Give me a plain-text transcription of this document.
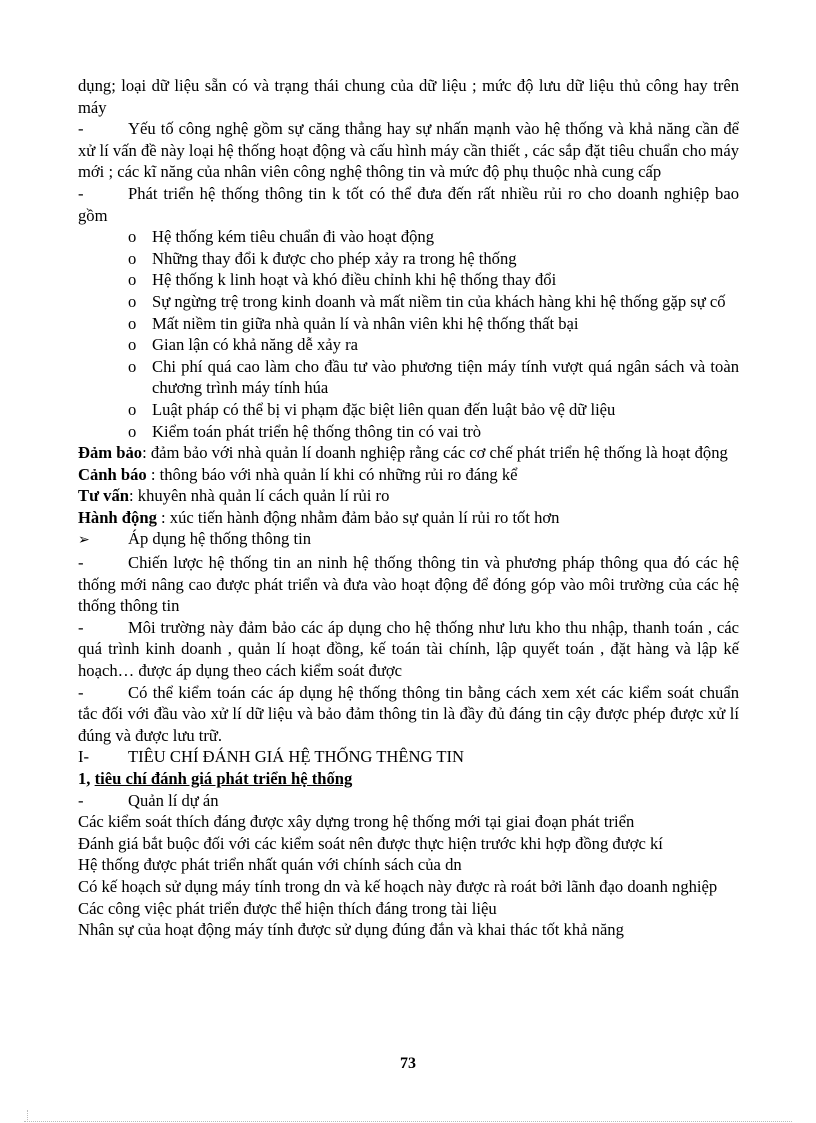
dụng; loại dữ liệu sẵn có và trạng thái chung của dữ liệu ; mức độ lưu dữ liệu thủ công hay trên máy

-	Yếu tố công nghệ gồm sự căng thẳng hay sự nhấn mạnh vào hệ thống và khả năng cần để xử lí vấn đề này loại hệ thống hoạt động và cấu hình máy cần thiết , các sắp đặt tiêu chuẩn cho máy mới ; các kĩ năng của nhân viên công nghệ thông tin và mức độ phụ thuộc nhà cung cấp

-	Phát triển hệ thống thông tin k tốt có thể đưa đến rất nhiều rủi ro cho doanh nghiệp bao gồm

o Hệ thống kém tiêu chuẩn đi vào hoạt động
o Những thay đổi k được cho phép xảy ra trong hệ thống
o Hệ thống k linh hoạt và khó điều chỉnh khi hệ thống thay đổi
o Sự ngừng trệ trong kinh doanh và mất niềm tin của khách hàng khi hệ thống gặp sự cố
o Mất niềm tin giữa nhà quản lí và nhân viên khi hệ thống thất bại
o Gian lận có khả năng dễ xảy ra
o Chi phí quá cao làm cho đầu tư vào phương tiện máy tính vượt quá ngân sách và toàn chương trình máy tính húa
o Luật pháp có thể bị vi phạm đặc biệt liên quan đến luật bảo vệ dữ liệu
o Kiểm toán phát triển hệ thống thông tin có vai trò

Đảm bảo: đảm bảo với nhà quản lí doanh nghiệp rằng các cơ chế phát triển hệ thống là hoạt động

Cảnh báo : thông báo với nhà quản lí khi có những rủi ro đáng kể

Tư vấn: khuyên nhà quản lí cách quản lí rủi ro

Hành động : xúc tiến hành động nhằm đảm bảo sự quản lí rủi ro tốt hơn

➢ Áp dụng hệ thống thông tin

-	Chiến lược hệ thống tin an ninh hệ thống thông tin và phương pháp thông qua đó các hệ thống mới nâng cao được phát triển và đưa vào hoạt động để đóng góp vào môi trường của các hệ thống thông tin

-	Môi trường này đảm bảo các áp dụng cho hệ thống như lưu kho thu nhập, thanh toán , các quá trình kinh doanh , quản lí hoạt đồng, kế toán tài chính, lập quyết toán , đặt hàng và lập kế hoạch… được áp dụng theo cách kiểm soát được

-	Có thể kiểm toán các áp dụng hệ thống thông tin bằng cách xem xét các kiểm soát chuẩn tắc đối với đầu vào xử lí dữ liệu và bảo đảm thông tin là đầy đủ đáng tin cậy được phép được xử lí đúng và được lưu trữ.

I- TIÊU CHÍ ĐÁNH GIÁ HỆ THỐNG THÊNG TIN

1, tiêu chí đánh giá phát triển hệ thống

-	Quản lí dự án

Các kiểm soát thích đáng được xây dựng trong hệ thống mới tại giai đoạn phát triển

Đánh giá bắt buộc đối với các kiểm soát nên được thực hiện trước khi hợp đồng được kí

Hệ thống được phát triển nhất quán với chính sách của dn

Có kế hoạch sử dụng máy tính trong dn và kế hoạch này được rà roát bởi lãnh đạo doanh nghiệp

Các công việc phát triển được thể hiện thích đáng trong tài liệu

Nhân sự của hoạt động máy tính được sử dụng đúng đắn và khai thác tốt khả năng

73
